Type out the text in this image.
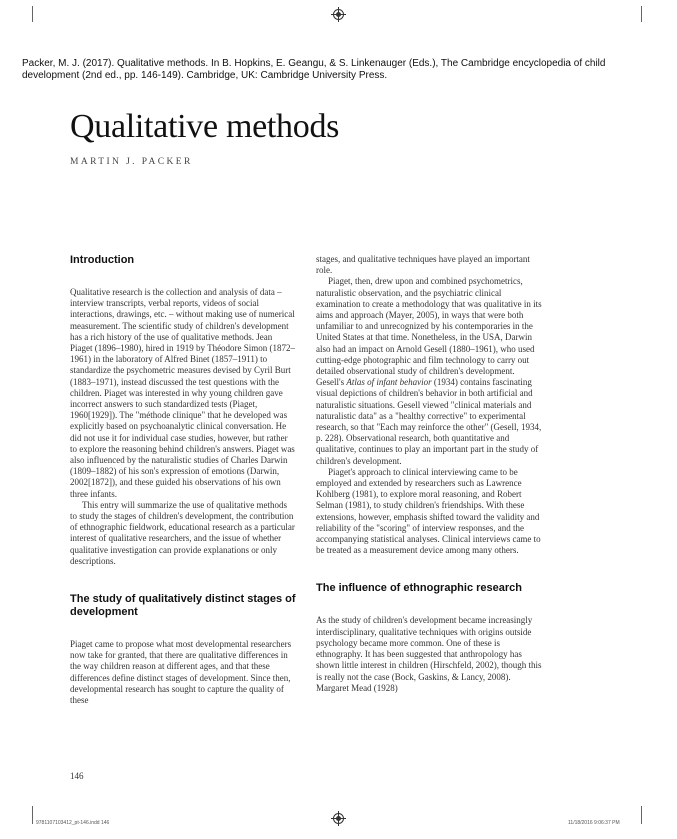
Packer, M. J. (2017). Qualitative methods. In B. Hopkins, E. Geangu, & S. Linkenauger (Eds.), The Cambridge encyclopedia of child development (2nd ed., pp. 146-149). Cambridge, UK: Cambridge University Press.
Qualitative methods
MARTIN J. PACKER
Introduction

Qualitative research is the collection and analysis of data – interview transcripts, verbal reports, videos of social interactions, drawings, etc. – without making use of numerical measurement. The scientific study of children's development has a rich history of the use of qualitative methods. Jean Piaget (1896–1980), hired in 1919 by Théodore Simon (1872–1961) in the laboratory of Alfred Binet (1857–1911) to standardize the psychometric measures devised by Cyril Burt (1883–1971), instead discussed the test questions with the children. Piaget was interested in why young children gave incorrect answers to such standardized tests (Piaget, 1960[1929]). The "méthode clinique" that he developed was explicitly based on psychoanalytic clinical conversation. He did not use it for individual case studies, however, but rather to explore the reasoning behind children's answers. Piaget was also influenced by the naturalistic studies of Charles Darwin (1809–1882) of his son's expression of emotions (Darwin, 2002[1872]), and these guided his observations of his own three infants.

This entry will summarize the use of qualitative methods to study the stages of children's development, the contribution of ethnographic fieldwork, educational research as a particular interest of qualitative researchers, and the issue of whether qualitative investigation can provide explanations or only descriptions.

The study of qualitatively distinct stages of development

Piaget came to propose what most developmental researchers now take for granted, that there are qualitative differences in the way children reason at different ages, and that these differences define distinct stages of development. Since then, developmental research has sought to capture the quality of these

stages, and qualitative techniques have played an important role.

Piaget, then, drew upon and combined psychometrics, naturalistic observation, and the psychiatric clinical examination to create a methodology that was qualitative in its aims and approach (Mayer, 2005), in ways that were both unfamiliar to and unrecognized by his contemporaries in the United States at that time. Nonetheless, in the USA, Darwin also had an impact on Arnold Gesell (1880–1961), who used cutting-edge photographic and film technology to carry out detailed observational study of children's development. Gesell's Atlas of infant behavior (1934) contains fascinating visual depictions of children's behavior in both artificial and naturalistic situations. Gesell viewed "clinical materials and naturalistic data" as a "healthy corrective" to experimental research, so that "Each may reinforce the other" (Gesell, 1934, p. 228). Observational research, both quantitative and qualitative, continues to play an important part in the study of children's development.

Piaget's approach to clinical interviewing came to be employed and extended by researchers such as Lawrence Kohlberg (1981), to explore moral reasoning, and Robert Selman (1981), to study children's friendships. With these extensions, however, emphasis shifted toward the validity and reliability of the "scoring" of interview responses, and the accompanying statistical analyses. Clinical interviews came to be treated as a measurement device among many others.

The influence of ethnographic research

As the study of children's development became increasingly interdisciplinary, qualitative techniques with origins outside psychology became more common. One of these is ethnography. It has been suggested that anthropology has shown little interest in children (Hirschfeld, 2002), though this is really not the case (Bock, Gaskins, & Lancy, 2008). Margaret Mead (1928)

146
9781107103412_pt-146.indd 146	11/18/2016 9:06:37 PM
